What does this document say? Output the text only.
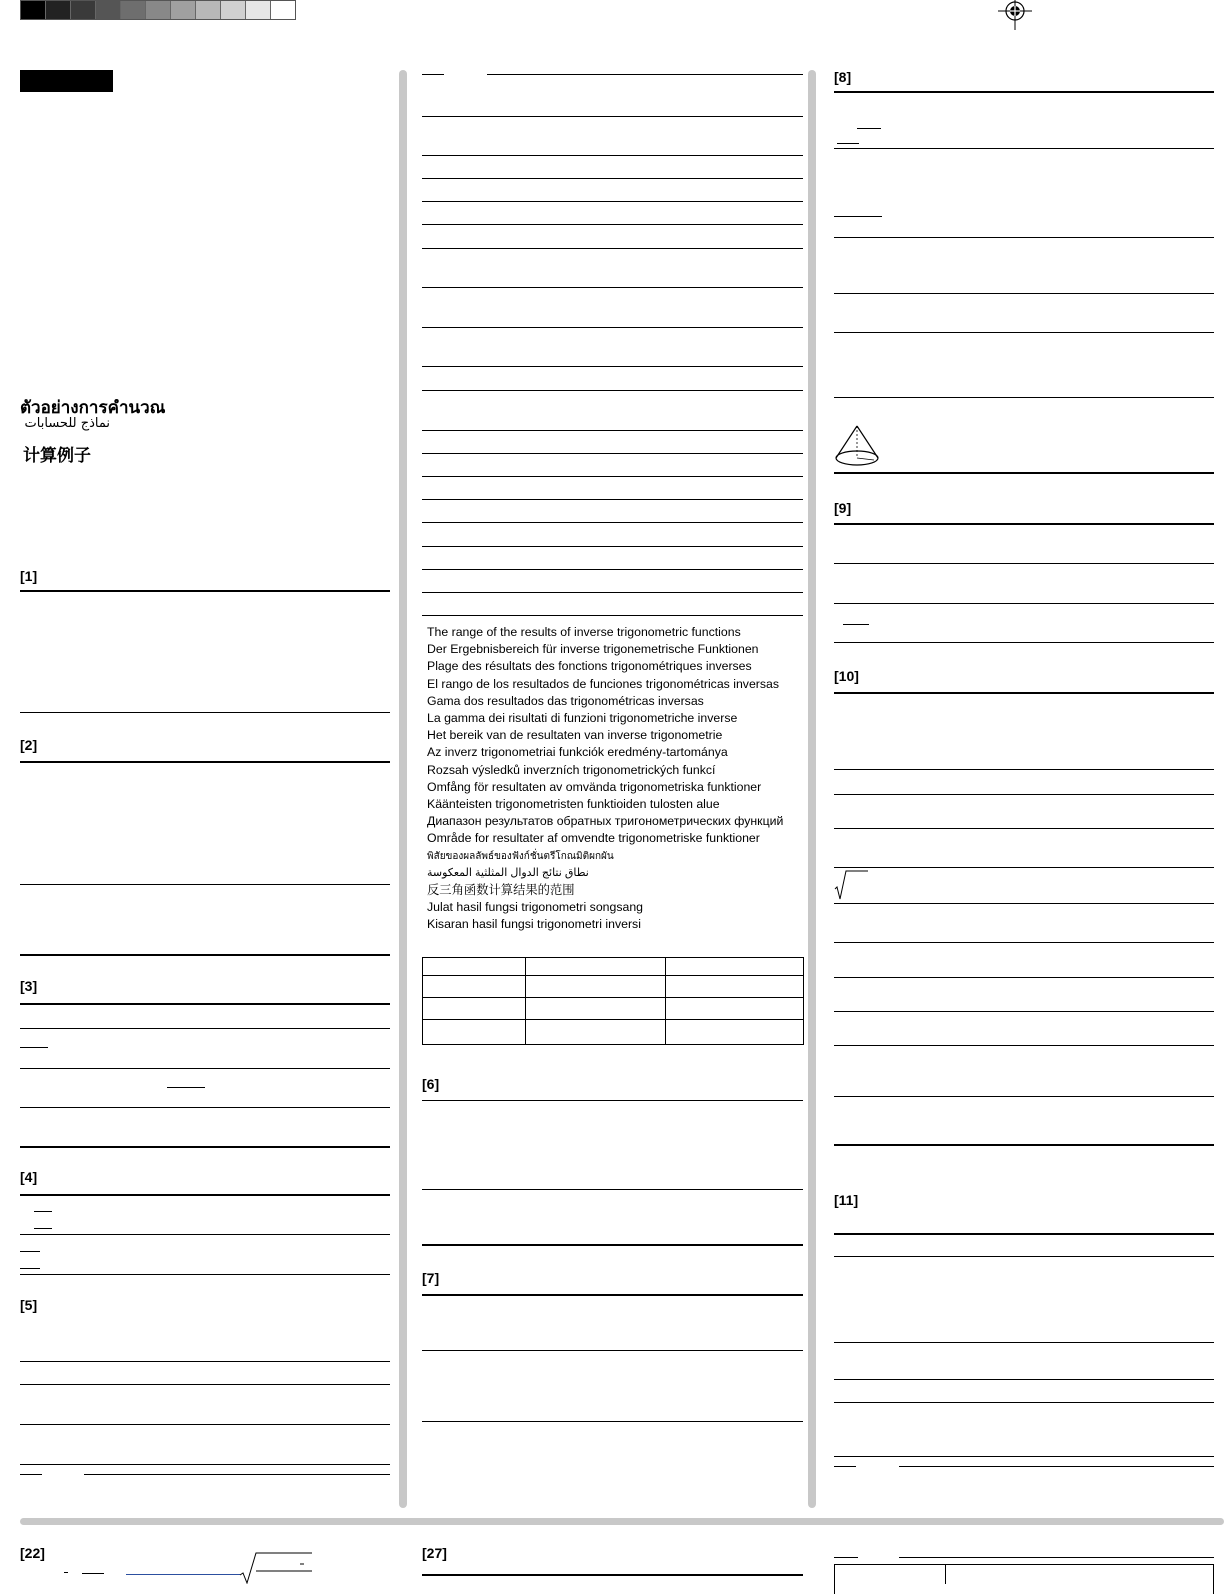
ตัวอย่างการคำนวณ
نماذج للحسابات
计算例子
[1]
[2]
[3]
[4]
[5]
[22]
The range of the results of inverse trigonometric functions
Der Ergebnisbereich für inverse trigonemetrische Funktionen
Plage des résultats des fonctions trigonométriques inverses
El rango de los resultados de funciones trigonométricas inversas
Gama dos resultados das trigonométricas inversas
La gamma dei risultati di funzioni trigonometriche inverse
Het bereik van de resultaten van inverse trigonometrie
Az inverz trigonometriai funkciók eredmény-tartománya
Rozsah výsledků inverzních trigonometrických funkcí
Omfång för resultaten av omvända trigonometriska funktioner
Käänteisten trigonometristen funktioiden tulosten alue
Диапазон результатов обратных тригонометрических функций
Område for resultater af omvendte trigonometriske funktioner
พิสัยของผลลัพธ์ของฟังก์ชั่นตรีโกณมิติผกผัน
نطاق نتائج الدوال المثلثية المعكوسة
反三角函数计算结果的范围
Julat hasil fungsi trigonometri songsang
Kisaran hasil fungsi trigonometri inversi

[6]
[7]
[27]
[8]
[9]
[10]
[11]
